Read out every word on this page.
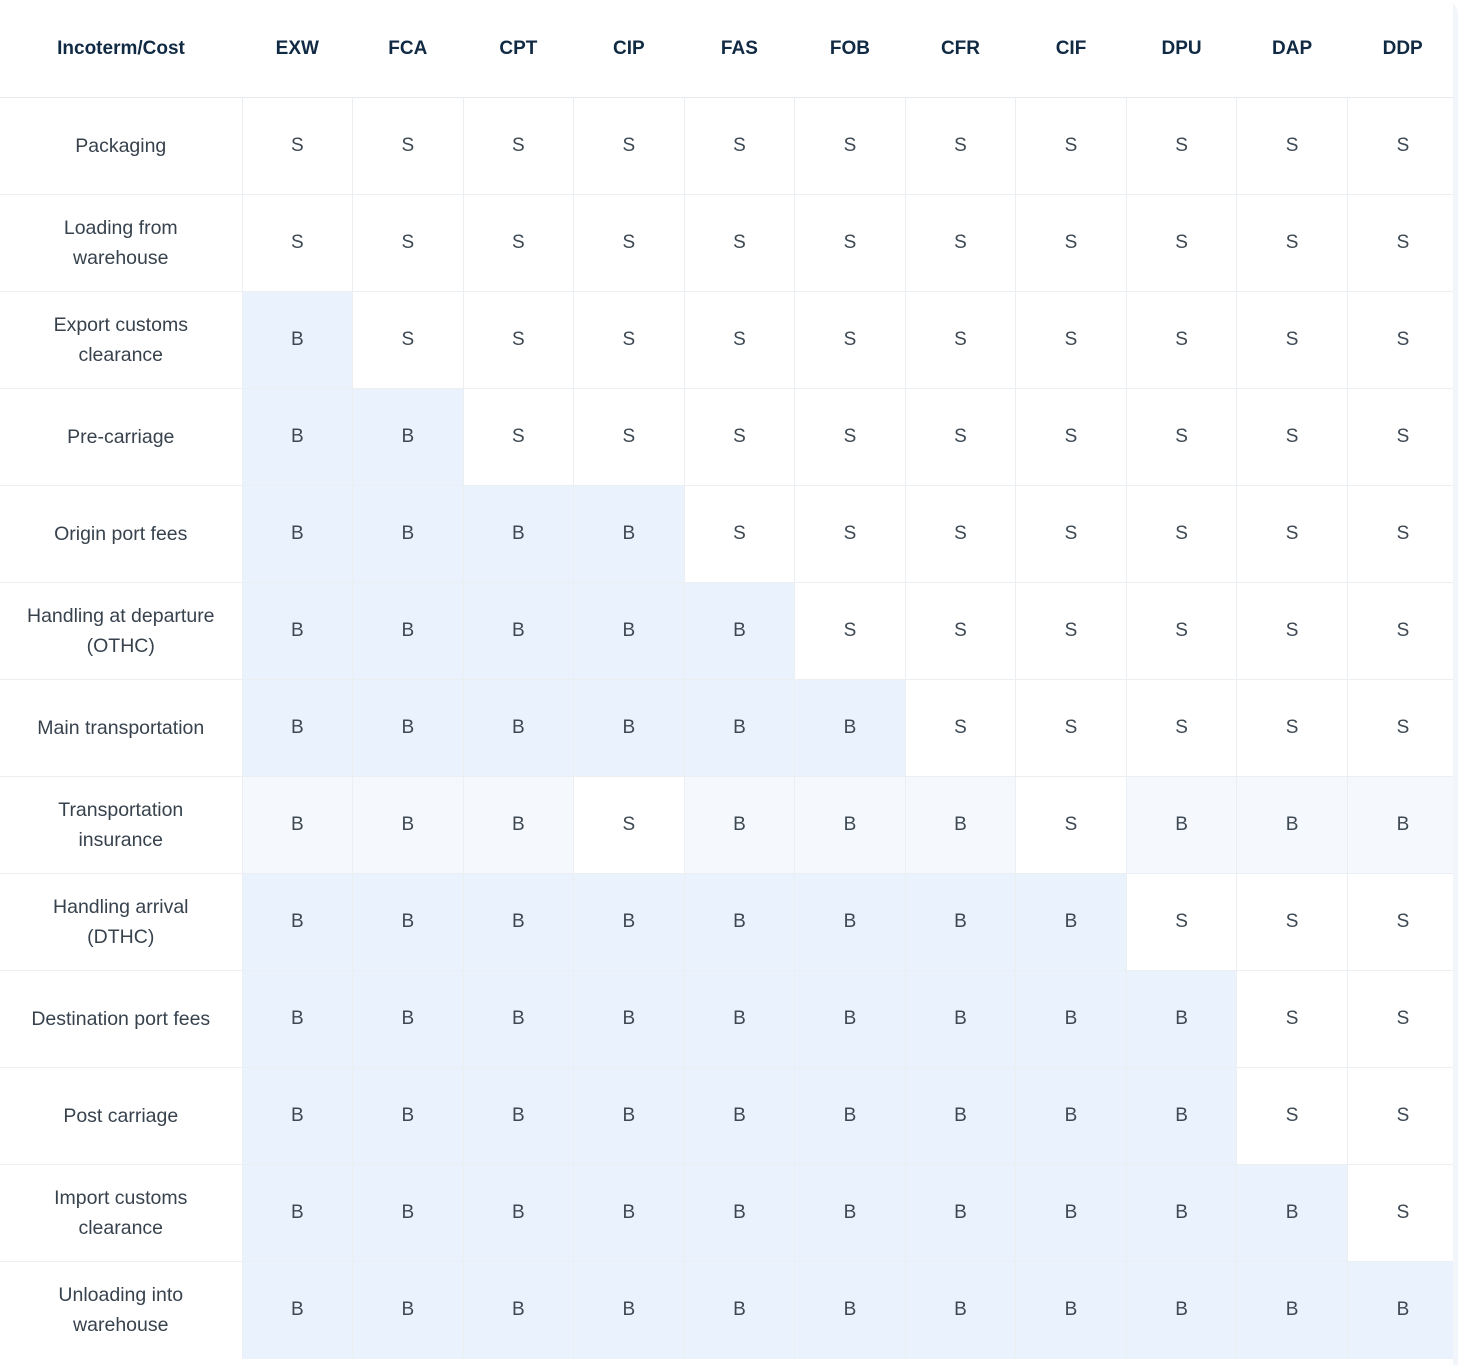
Incoterm/Cost	EXW	FCA	CPT	CIP	FAS	FOB	CFR	CIF	DPU	DAP	DDP
Packaging	S	S	S	S	S	S	S	S	S	S	S
Loading from warehouse	S	S	S	S	S	S	S	S	S	S	S
Export customs clearance	B	S	S	S	S	S	S	S	S	S	S
Pre-carriage	B	B	S	S	S	S	S	S	S	S	S
Origin port fees	B	B	B	B	S	S	S	S	S	S	S
Handling at departure (OTHC)	B	B	B	B	B	S	S	S	S	S	S
Main transportation	B	B	B	B	B	B	S	S	S	S	S
Transportation insurance	B	B	B	S	B	B	B	S	B	B	B
Handling arrival (DTHC)	B	B	B	B	B	B	B	B	S	S	S
Destination port fees	B	B	B	B	B	B	B	B	B	S	S
Post carriage	B	B	B	B	B	B	B	B	B	S	S
Import customs clearance	B	B	B	B	B	B	B	B	B	B	S
Unloading into warehouse	B	B	B	B	B	B	B	B	B	B	B
